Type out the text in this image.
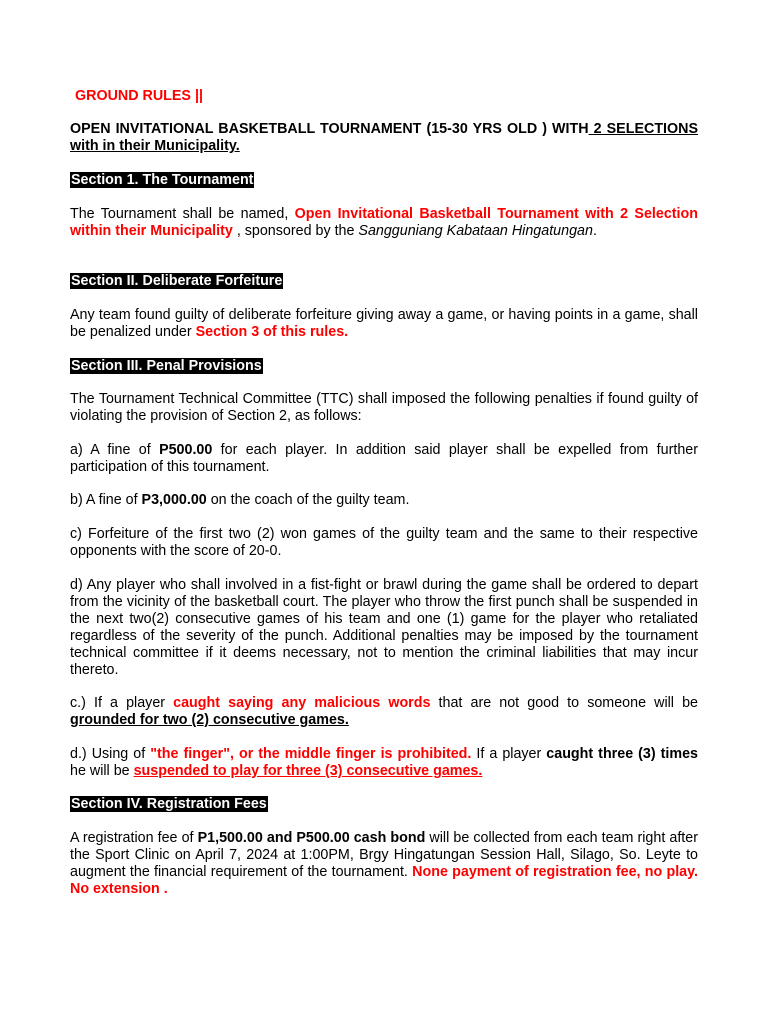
GROUND RULES ||

OPEN INVITATIONAL BASKETBALL TOURNAMENT (15-30 YRS OLD ) WITH 2 SELECTIONS with in their Municipality.

Section 1. The Tournament

The Tournament shall be named, Open Invitational Basketball Tournament with 2 Selection within their Municipality , sponsored by the Sangguniang Kabataan Hingatungan.

Section II. Deliberate Forfeiture

Any team found guilty of deliberate forfeiture giving away a game, or having points in a game, shall be penalized under Section 3 of this rules.

Section III. Penal Provisions

The Tournament Technical Committee (TTC) shall imposed the following penalties if found guilty of violating the provision of Section 2, as follows:

a) A fine of P500.00 for each player. In addition said player shall be expelled from further participation of this tournament.

b) A fine of P3,000.00 on the coach of the guilty team.

c) Forfeiture of the first two (2) won games of the guilty team and the same to their respective opponents with the score of 20-0.

d) Any player who shall involved in a fist-fight or brawl during the game shall be ordered to depart from the vicinity of the basketball court. The player who throw the first punch shall be suspended in the next two(2) consecutive games of his team and one (1) game for the player who retaliated regardless of the severity of the punch. Additional penalties may be imposed by the tournament technical committee if it deems necessary, not to mention the criminal liabilities that may incur thereto.

c.) If a player caught saying any malicious words that are not good to someone will be grounded for two (2) consecutive games.

d.) Using of "the finger", or the middle finger is prohibited. If a player caught three (3) times he will be suspended to play for three (3) consecutive games.

Section IV. Registration Fees

A registration fee of P1,500.00 and P500.00 cash bond will be collected from each team right after the Sport Clinic on April 7, 2024 at 1:00PM, Brgy Hingatungan Session Hall, Silago, So. Leyte to augment the financial requirement of the tournament. None payment of registration fee, no play. No extension .
